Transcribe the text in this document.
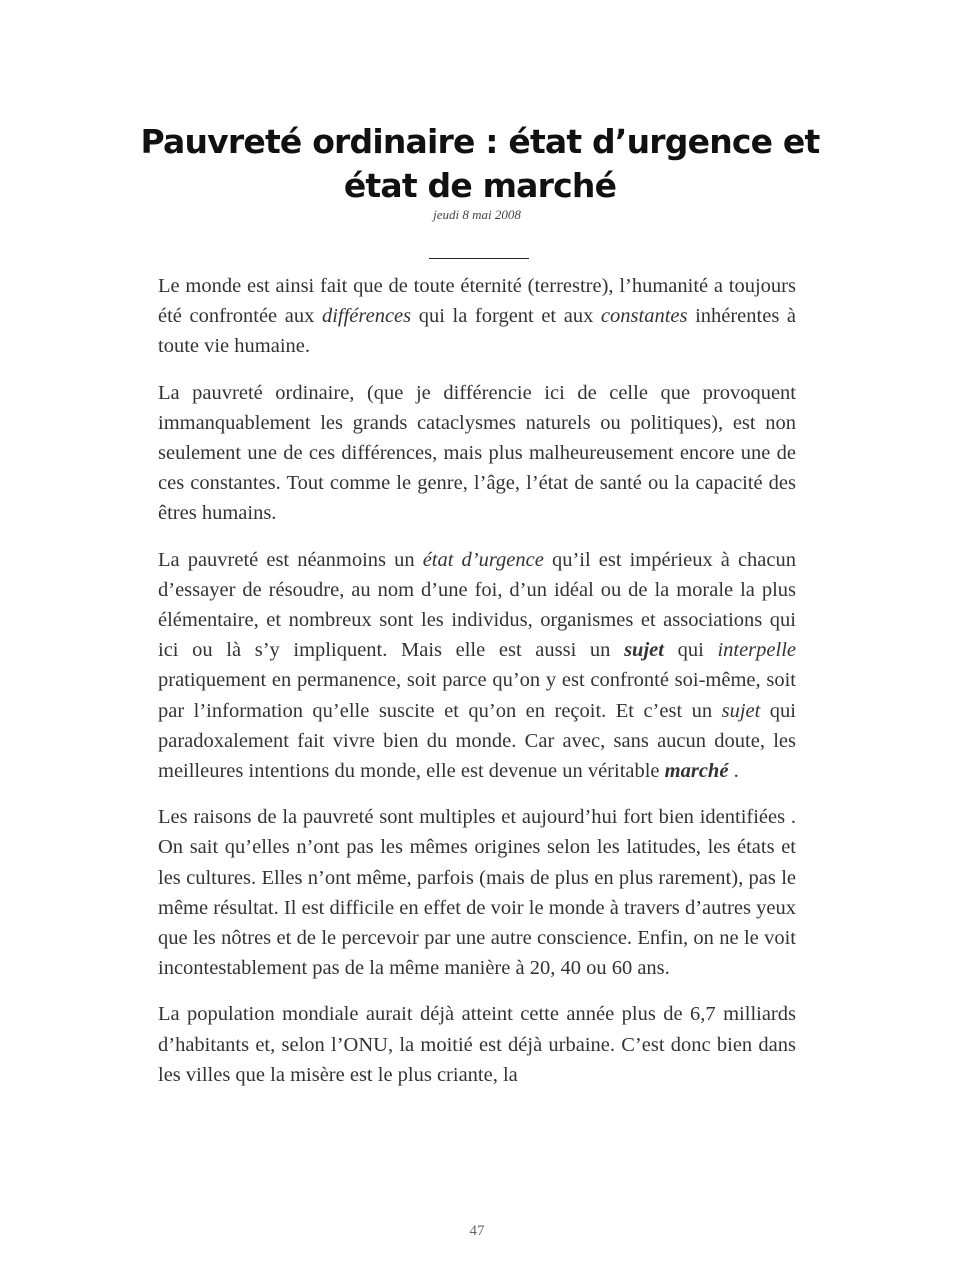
Pauvreté ordinaire : état d’urgence et état de marché
jeudi 8 mai 2008

Le monde est ainsi fait que de toute éternité (terrestre), l’humanité a toujours été confrontée aux différences qui la forgent et aux constantes inhérentes à toute vie humaine.

La pauvreté ordinaire, (que je différencie ici de celle que provoquent immanquablement les grands cataclysmes naturels ou politiques), est non seulement une de ces différences, mais plus malheureusement encore une de ces constantes. Tout comme le genre, l’âge, l’état de santé ou la capacité des êtres humains.

La pauvreté est néanmoins un état d’urgence qu’il est impérieux à chacun d’essayer de résoudre, au nom d’une foi, d’un idéal ou de la morale la plus élémentaire, et nombreux sont les individus, organismes et associations qui ici ou là s’y impliquent. Mais elle est aussi un sujet qui interpelle pratiquement en permanence, soit parce qu’on y est confronté soi-même, soit par l’information qu’elle suscite et qu’on en reçoit. Et c’est un sujet qui paradoxalement fait vivre bien du monde. Car avec, sans aucun doute, les meilleures intentions du monde, elle est devenue un véritable marché .

Les raisons de la pauvreté sont multiples et aujourd’hui fort bien identifiées . On sait qu’elles n’ont pas les mêmes origines selon les latitudes, les états et les cultures. Elles n’ont même, parfois (mais de plus en plus rarement), pas le même résultat. Il est difficile en effet de voir le monde à travers d’autres yeux que les nôtres et de le percevoir par une autre conscience. Enfin, on ne le voit incontestablement pas de la même manière à 20, 40 ou 60 ans.

La population mondiale aurait déjà atteint cette année plus de 6,7 milliards d’habitants et, selon l’ONU, la moitié est déjà urbaine. C’est donc bien dans les villes que la misère est le plus criante, la

47
